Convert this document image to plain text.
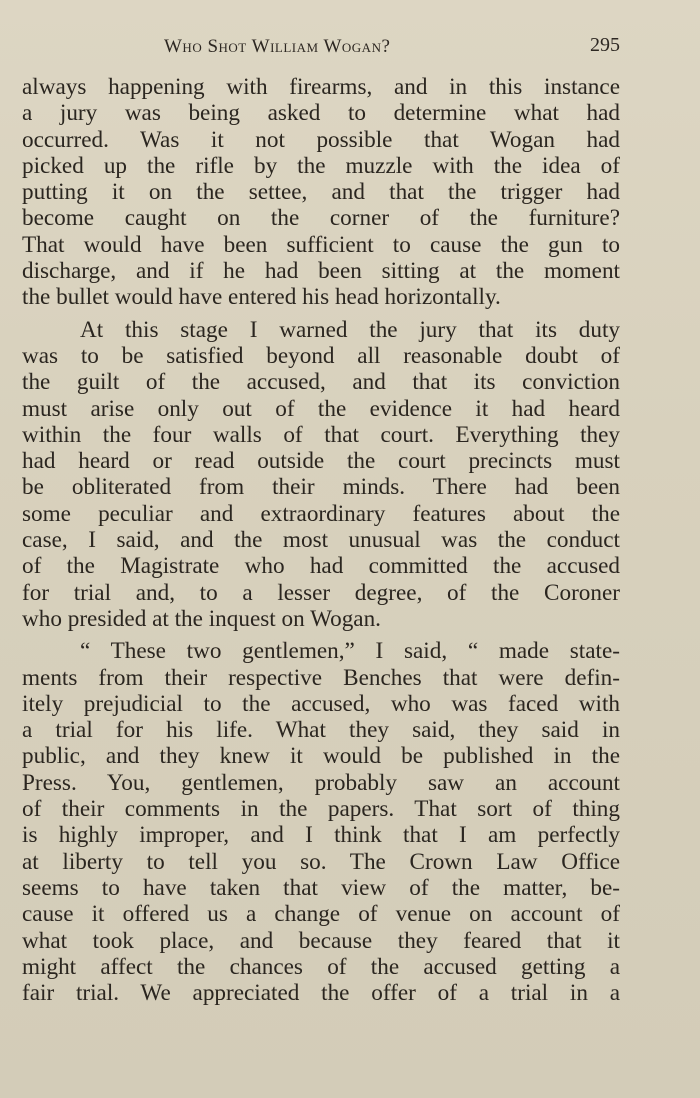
Who Shot William Wogan?	295
always happening with firearms, and in this instance
a jury was being asked to determine what had
occurred. Was it not possible that Wogan had
picked up the rifle by the muzzle with the idea of
putting it on the settee, and that the trigger had
become caught on the corner of the furniture?
That would have been sufficient to cause the gun to
discharge, and if he had been sitting at the moment
the bullet would have entered his head horizontally.
At this stage I warned the jury that its duty
was to be satisfied beyond all reasonable doubt of
the guilt of the accused, and that its conviction
must arise only out of the evidence it had heard
within the four walls of that court. Everything they
had heard or read outside the court precincts must
be obliterated from their minds. There had been
some peculiar and extraordinary features about the
case, I said, and the most unusual was the conduct
of the Magistrate who had committed the accused
for trial and, to a lesser degree, of the Coroner
who presided at the inquest on Wogan.
“ These two gentlemen,” I said, “ made state-
ments from their respective Benches that were defin-
itely prejudicial to the accused, who was faced with
a trial for his life. What they said, they said in
public, and they knew it would be published in the
Press. You, gentlemen, probably saw an account
of their comments in the papers. That sort of thing
is highly improper, and I think that I am perfectly
at liberty to tell you so. The Crown Law Office
seems to have taken that view of the matter, be-
cause it offered us a change of venue on account of
what took place, and because they feared that it
might affect the chances of the accused getting a
fair trial. We appreciated the offer of a trial in a
